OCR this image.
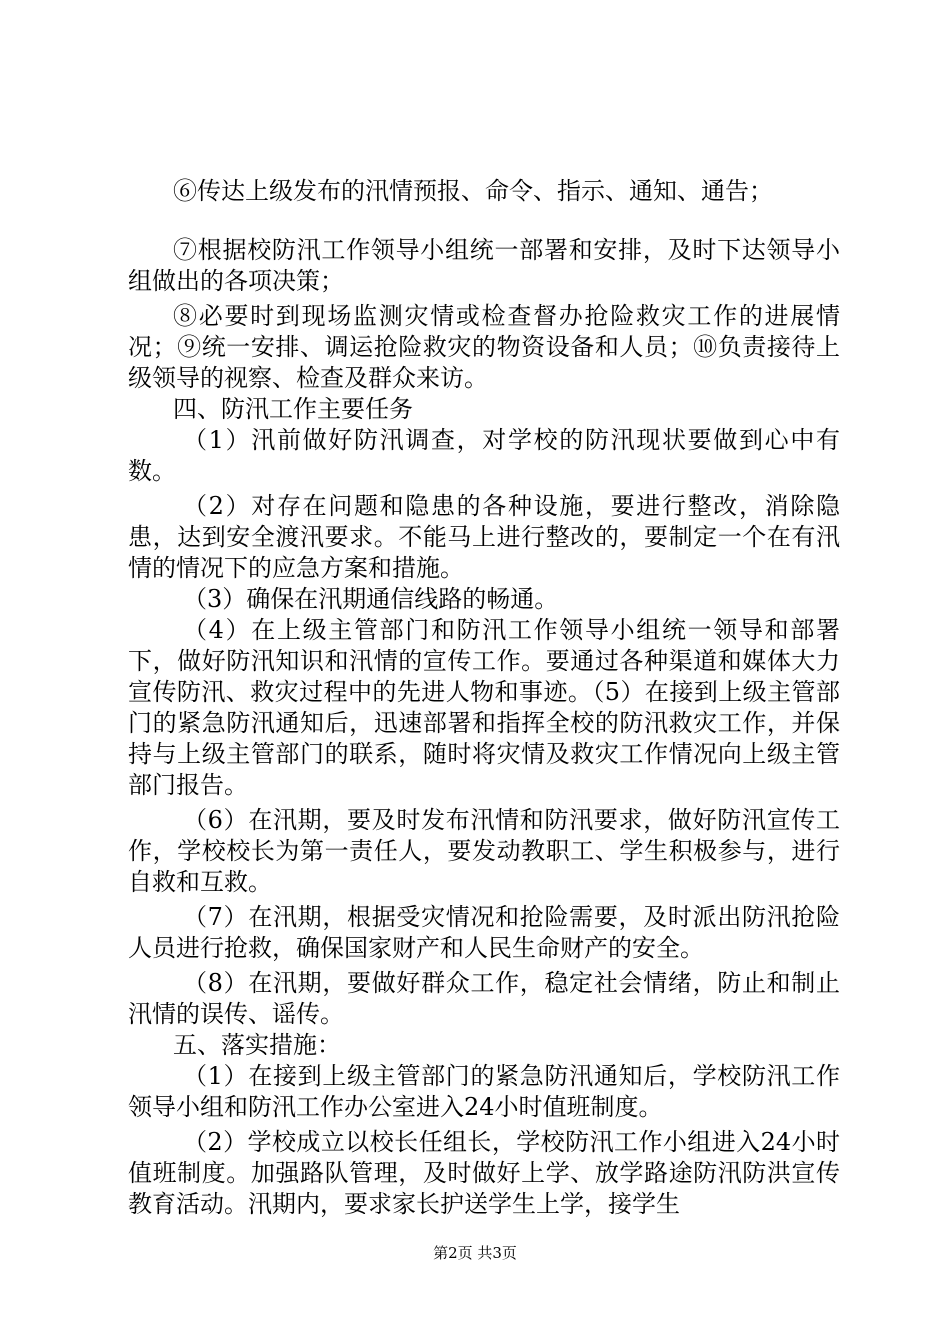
⑥传达上级发布的汛情预报、命令、指示、通知、通告；

⑦根据校防汛工作领导小组统一部署和安排，及时下达领导小组做出的各项决策；

⑧必要时到现场监测灾情或检查督办抢险救灾工作的进展情况；⑨统一安排、调运抢险救灾的物资设备和人员；⑩负责接待上级领导的视察、检查及群众来访。

四、防汛工作主要任务

（1）汛前做好防汛调查，对学校的防汛现状要做到心中有数。

（2）对存在问题和隐患的各种设施，要进行整改，消除隐患，达到安全渡汛要求。不能马上进行整改的，要制定一个在有汛情的情况下的应急方案和措施。

（3）确保在汛期通信线路的畅通。

（4）在上级主管部门和防汛工作领导小组统一领导和部署下，做好防汛知识和汛情的宣传工作。要通过各种渠道和媒体大力宣传防汛、救灾过程中的先进人物和事迹。（5）在接到上级主管部门的紧急防汛通知后，迅速部署和指挥全校的防汛救灾工作，并保持与上级主管部门的联系，随时将灾情及救灾工作情况向上级主管部门报告。

（6）在汛期，要及时发布汛情和防汛要求，做好防汛宣传工作，学校校长为第一责任人，要发动教职工、学生积极参与，进行自救和互救。

（7）在汛期，根据受灾情况和抢险需要，及时派出防汛抢险人员进行抢救，确保国家财产和人民生命财产的安全。

（8）在汛期，要做好群众工作，稳定社会情绪，防止和制止汛情的误传、谣传。

五、落实措施：

（1）在接到上级主管部门的紧急防汛通知后，学校防汛工作领导小组和防汛工作办公室进入24小时值班制度。

（2）学校成立以校长任组长，学校防汛工作小组进入24小时值班制度。加强路队管理，及时做好上学、放学路途防汛防洪宣传教育活动。汛期内，要求家长护送学生上学，接学生

第2页 共3页
